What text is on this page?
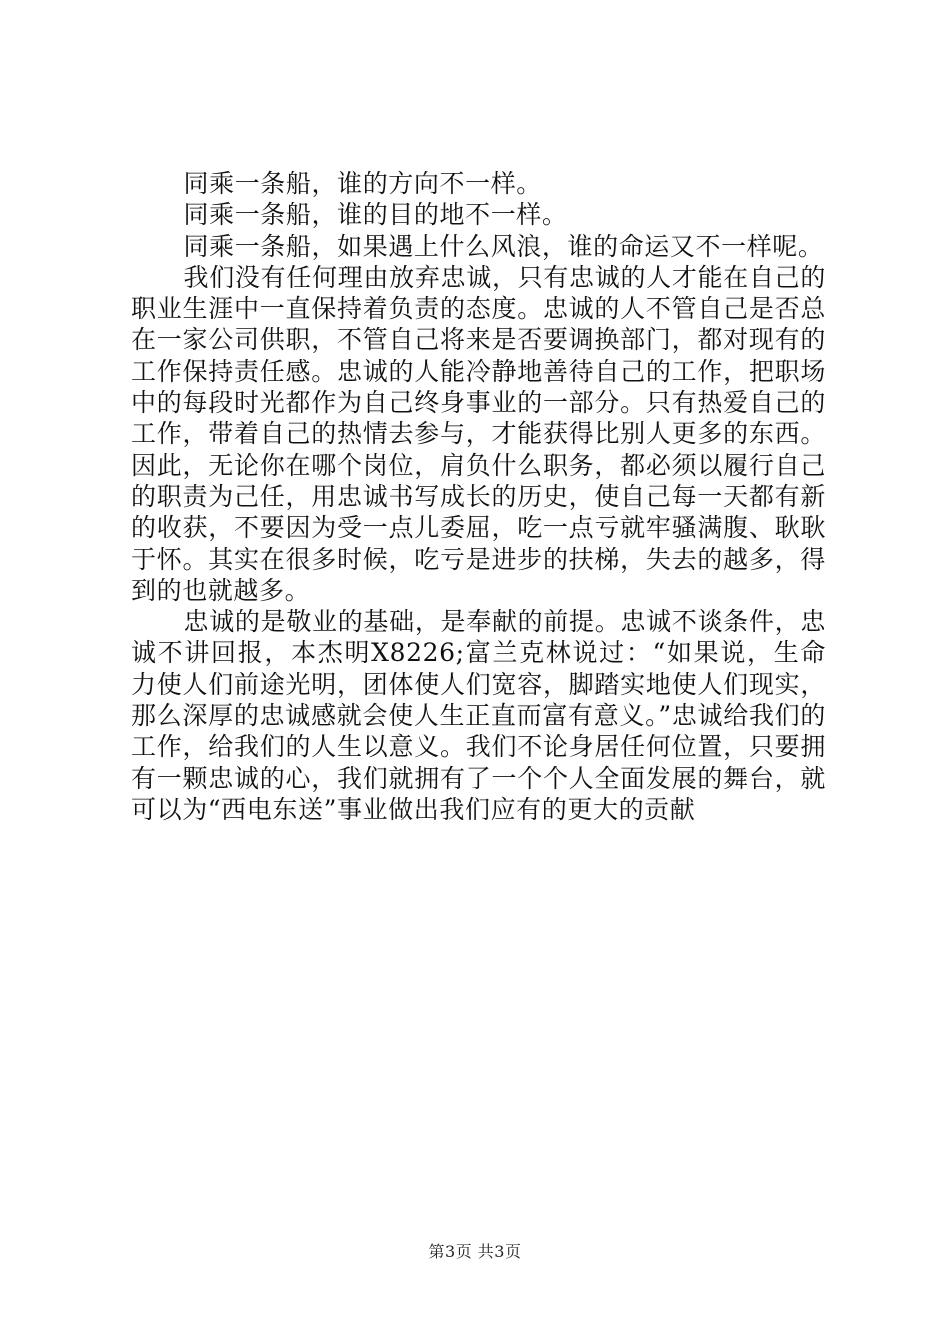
同乘一条船，谁的方向不一样。

同乘一条船，谁的目的地不一样。

同乘一条船，如果遇上什么风浪，谁的命运又不一样呢。

我们没有任何理由放弃忠诚，只有忠诚的人才能在自己的职业生涯中一直保持着负责的态度。忠诚的人不管自己是否总在一家公司供职，不管自己将来是否要调换部门，都对现有的工作保持责任感。忠诚的人能冷静地善待自己的工作，把职场中的每段时光都作为自己终身事业的一部分。只有热爱自己的工作，带着自己的热情去参与，才能获得比别人更多的东西。因此，无论你在哪个岗位，肩负什么职务，都必须以履行自己的职责为己任，用忠诚书写成长的历史，使自己每一天都有新的收获，不要因为受一点儿委屈，吃一点亏就牢骚满腹、耿耿于怀。其实在很多时候，吃亏是进步的扶梯，失去的越多，得到的也就越多。

忠诚的是敬业的基础，是奉献的前提。忠诚不谈条件，忠诚不讲回报，本杰明X8226;富兰克林说过：“如果说，生命力使人们前途光明，团体使人们宽容，脚踏实地使人们现实，那么深厚的忠诚感就会使人生正直而富有意义。”忠诚给我们的工作，给我们的人生以意义。我们不论身居任何位置，只要拥有一颗忠诚的心，我们就拥有了一个个人全面发展的舞台，就可以为“西电东送”事业做出我们应有的更大的贡献

第3页 共3页
